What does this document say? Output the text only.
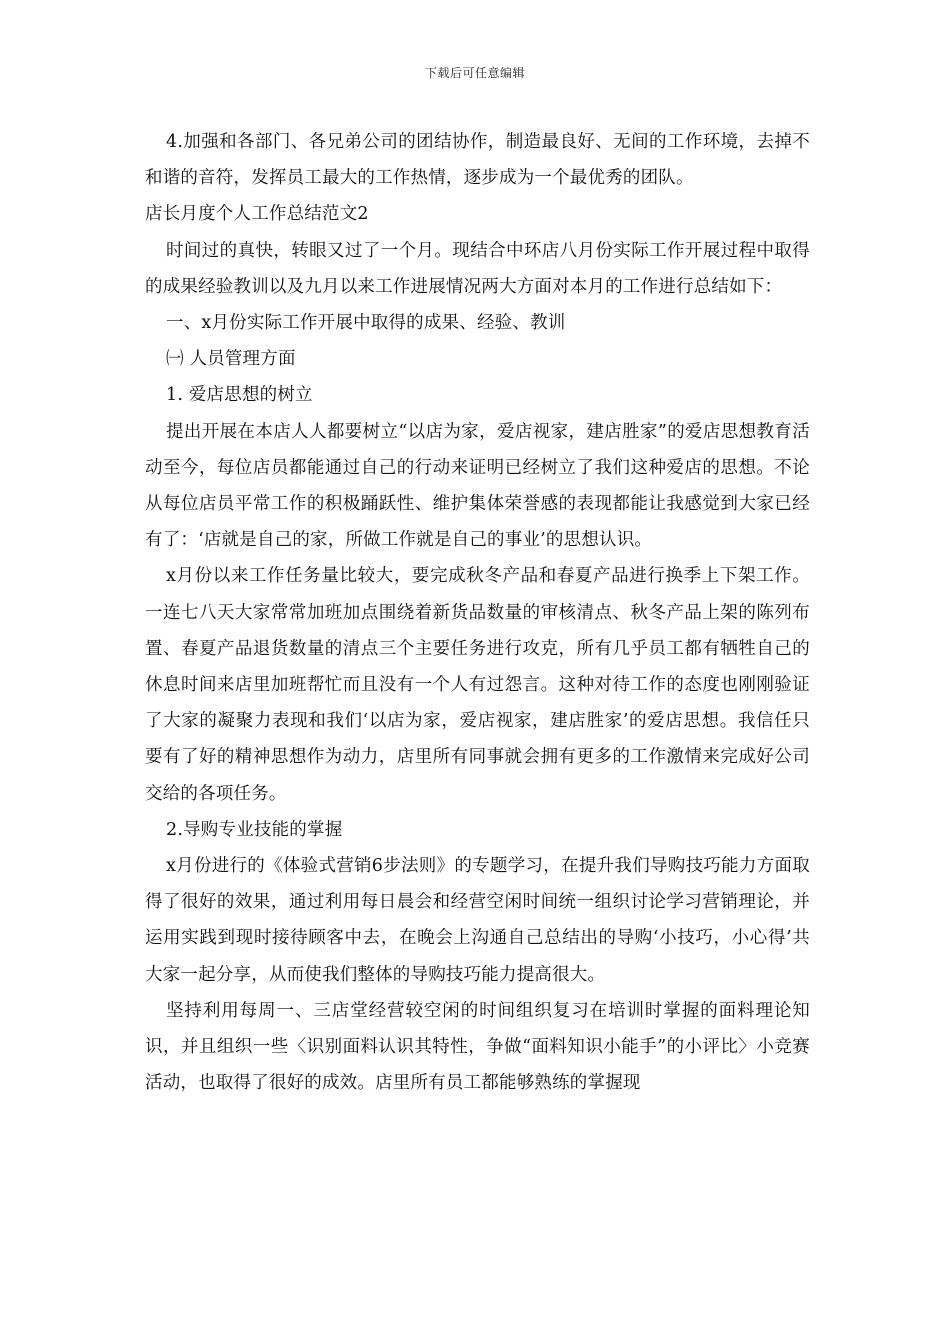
下载后可任意编辑

4.加强和各部门、各兄弟公司的团结协作，制造最良好、无间的工作环境，去掉不和谐的音符，发挥员工最大的工作热情，逐步成为一个最优秀的团队。

店长月度个人工作总结范文2

时间过的真快，转眼又过了一个月。现结合中环店八月份实际工作开展过程中取得的成果经验教训以及九月以来工作进展情况两大方面对本月的工作进行总结如下：

一、x月份实际工作开展中取得的成果、经验、教训

㈠ 人员管理方面

1. 爱店思想的树立

提出开展在本店人人都要树立“以店为家，爱店视家，建店胜家”的爱店思想教育活动至今，每位店员都能通过自己的行动来证明已经树立了我们这种爱店的思想。不论从每位店员平常工作的积极踊跃性、维护集体荣誉感的表现都能让我感觉到大家已经有了：‘店就是自己的家，所做工作就是自己的事业’的思想认识。

x月份以来工作任务量比较大，要完成秋冬产品和春夏产品进行换季上下架工作。一连七八天大家常常加班加点围绕着新货品数量的审核清点、秋冬产品上架的陈列布置、春夏产品退货数量的清点三个主要任务进行攻克，所有几乎员工都有牺牲自己的休息时间来店里加班帮忙而且没有一个人有过怨言。这种对待工作的态度也刚刚验证了大家的凝聚力表现和我们‘以店为家，爱店视家，建店胜家’的爱店思想。我信任只要有了好的精神思想作为动力，店里所有同事就会拥有更多的工作激情来完成好公司交给的各项任务。

2.导购专业技能的掌握

x月份进行的《体验式营销6步法则》的专题学习，在提升我们导购技巧能力方面取得了很好的效果，通过利用每日晨会和经营空闲时间统一组织讨论学习营销理论，并运用实践到现时接待顾客中去，在晚会上沟通自己总结出的导购‘小技巧，小心得’共大家一起分享，从而使我们整体的导购技巧能力提高很大。

坚持利用每周一、三店堂经营较空闲的时间组织复习在培训时掌握的面料理论知识，并且组织一些〈识别面料认识其特性，争做“面料知识小能手”的小评比〉小竞赛活动，也取得了很好的成效。店里所有员工都能够熟练的掌握现
